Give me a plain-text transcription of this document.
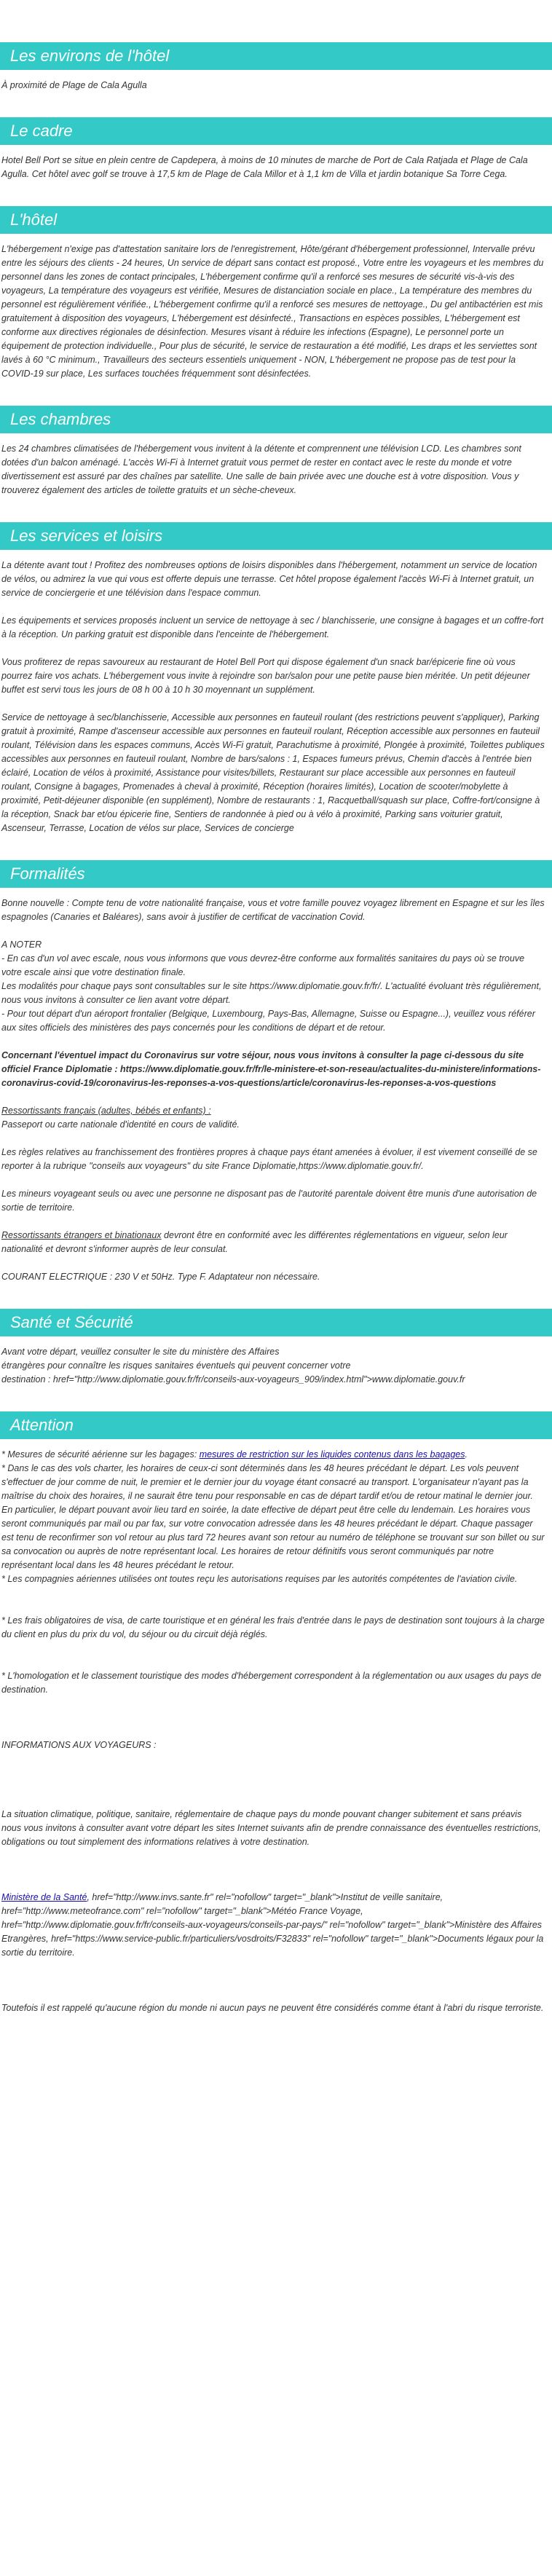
Les environs de l'hôtel

À proximité de Plage de Cala Agulla

Le cadre

Hotel Bell Port se situe en plein centre de Capdepera, à moins de 10 minutes de marche de Port de Cala Ratjada et Plage de Cala Agulla. Cet hôtel avec golf se trouve à 17,5 km de Plage de Cala Millor et à 1,1 km de Villa et jardin botanique Sa Torre Cega.

L'hôtel

L'hébergement n'exige pas d'attestation sanitaire lors de l'enregistrement, Hôte/gérant d'hébergement professionnel, Intervalle prévu entre les séjours des clients - 24 heures, Un service de départ sans contact est proposé., Votre entre les voyageurs et les membres du personnel dans les zones de contact principales, L'hébergement confirme qu'il a renforcé ses mesures de sécurité vis-à-vis des voyageurs, La température des voyageurs est vérifiée, Mesures de distanciation sociale en place., La température des membres du personnel est régulièrement vérifiée., L'hébergement confirme qu'il a renforcé ses mesures de nettoyage., Du gel antibactérien est mis gratuitement à disposition des voyageurs, L'hébergement est désinfecté., Transactions en espèces possibles, L'hébergement est conforme aux directives régionales de désinfection. Mesures visant à réduire les infections (Espagne), Le personnel porte un équipement de protection individuelle., Pour plus de sécurité, le service de restauration a été modifié, Les draps et les serviettes sont lavés à 60 °C minimum., Travailleurs des secteurs essentiels uniquement - NON, L'hébergement ne propose pas de test pour la COVID-19 sur place, Les surfaces touchées fréquemment sont désinfectées.

Les chambres

Les 24 chambres climatisées de l'hébergement vous invitent à la détente et comprennent une télévision LCD. Les chambres sont dotées d'un balcon aménagé. L'accès Wi-Fi à Internet gratuit vous permet de rester en contact avec le reste du monde et votre divertissement est assuré par des chaînes par satellite. Une salle de bain privée avec une douche est à votre disposition. Vous y trouverez également des articles de toilette gratuits et un sèche-cheveux.

Les services et loisirs

La détente avant tout ! Profitez des nombreuses options de loisirs disponibles dans l'hébergement, notamment un service de location de vélos, ou admirez la vue qui vous est offerte depuis une terrasse. Cet hôtel propose également l'accès Wi-Fi à Internet gratuit, un service de conciergerie et une télévision dans l'espace commun.

Les équipements et services proposés incluent un service de nettoyage à sec / blanchisserie, une consigne à bagages et un coffre-fort à la réception. Un parking gratuit est disponible dans l'enceinte de l'hébergement.

Vous profiterez de repas savoureux au restaurant de Hotel Bell Port qui dispose également d'un snack bar/épicerie fine où vous pourrez faire vos achats. L'hébergement vous invite à rejoindre son bar/salon pour une petite pause bien méritée. Un petit déjeuner buffet est servi tous les jours de 08 h 00 à 10 h 30 moyennant un supplément.

Service de nettoyage à sec/blanchisserie, Accessible aux personnes en fauteuil roulant (des restrictions peuvent s'appliquer), Parking gratuit à proximité, Rampe d'ascenseur accessible aux personnes en fauteuil roulant, Réception accessible aux personnes en fauteuil roulant, Télévision dans les espaces communs, Accès Wi-Fi gratuit, Parachutisme à proximité, Plongée à proximité, Toilettes publiques accessibles aux personnes en fauteuil roulant, Nombre de bars/salons : 1, Espaces fumeurs prévus, Chemin d'accès à l'entrée bien éclairé, Location de vélos à proximité, Assistance pour visites/billets, Restaurant sur place accessible aux personnes en fauteuil roulant, Consigne à bagages, Promenades à cheval à proximité, Réception (horaires limités), Location de scooter/mobylette à proximité, Petit-déjeuner disponible (en supplément), Nombre de restaurants : 1, Racquetball/squash sur place, Coffre-fort/consigne à la réception, Snack bar et/ou épicerie fine, Sentiers de randonnée à pied ou à vélo à proximité, Parking sans voiturier gratuit, Ascenseur, Terrasse, Location de vélos sur place, Services de concierge

Formalités

Bonne nouvelle : Compte tenu de votre nationalité française, vous et votre famille pouvez voyagez librement en Espagne et sur les îles espagnoles (Canaries et Baléares), sans avoir à justifier de certificat de vaccination Covid.

A NOTER
- En cas d'un vol avec escale, nous vous informons que vous devrez-être conforme aux formalités sanitaires du pays où se trouve votre escale ainsi que votre destination finale.
Les modalités pour chaque pays sont consultables sur le site https://www.diplomatie.gouv.fr/fr/. L'actualité évoluant très régulièrement, nous vous invitons à consulter ce lien avant votre départ.
- Pour tout départ d'un aéroport frontalier (Belgique, Luxembourg, Pays-Bas, Allemagne, Suisse ou Espagne...), veuillez vous référer aux sites officiels des ministères des pays concernés pour les conditions de départ et de retour.

Concernant l'éventuel impact du Coronavirus sur votre séjour, nous vous invitons à consulter la page ci-dessous du site officiel France Diplomatie : https://www.diplomatie.gouv.fr/fr/le-ministere-et-son-reseau/actualites-du-ministere/informations-coronavirus-covid-19/coronavirus-les-reponses-a-vos-questions/article/coronavirus-les-reponses-a-vos-questions

Ressortissants français (adultes, bébés et enfants) :
Passeport ou carte nationale d'identité en cours de validité.

Les règles relatives au franchissement des frontières propres à chaque pays étant amenées à évoluer, il est vivement conseillé de se reporter à la rubrique "conseils aux voyageurs" du site France Diplomatie,https://www.diplomatie.gouv.fr/.

Les mineurs voyageant seuls ou avec une personne ne disposant pas de l'autorité parentale doivent être munis d'une autorisation de sortie de territoire.

Ressortissants étrangers et binationaux devront être en conformité avec les différentes réglementations en vigueur, selon leur nationalité et devront s'informer auprès de leur consulat.

COURANT ELECTRIQUE : 230 V et 50Hz. Type F. Adaptateur non nécessaire.

Santé et Sécurité

Avant votre départ, veuillez consulter le site du ministère des Affaires
étrangères pour connaître les risques sanitaires éventuels qui peuvent concerner votre
destination : href="http://www.diplomatie.gouv.fr/fr/conseils-aux-voyageurs_909/index.html">www.diplomatie.gouv.fr

Attention

* Mesures de sécurité aérienne sur les bagages: mesures de restriction sur les liquides contenus dans les bagages.
* Dans le cas des vols charter, les horaires de ceux-ci sont déterminés dans les 48 heures précédant le départ. Les vols peuvent s'effectuer de jour comme de nuit, le premier et le dernier jour du voyage étant consacré au transport. L'organisateur n'ayant pas la maîtrise du choix des horaires, il ne saurait être tenu pour responsable en cas de départ tardif et/ou de retour matinal le dernier jour. En particulier, le départ pouvant avoir lieu tard en soirée, la date effective de départ peut être celle du lendemain. Les horaires vous seront communiqués par mail ou par fax, sur votre convocation adressée dans les 48 heures précédant le départ. Chaque passager est tenu de reconfirmer son vol retour au plus tard 72 heures avant son retour au numéro de téléphone se trouvant sur son billet ou sur sa convocation ou auprès de notre représentant local. Les horaires de retour définitifs vous seront communiqués par notre représentant local dans les 48 heures précédant le retour.
* Les compagnies aériennes utilisées ont toutes reçu les autorisations requises par les autorités compétentes de l'aviation civile.

* Les frais obligatoires de visa, de carte touristique et en général les frais d'entrée dans le pays de destination sont toujours à la charge du client en plus du prix du vol, du séjour ou du circuit déjà réglés.

* L'homologation et le classement touristique des modes d'hébergement correspondent à la réglementation ou aux usages du pays de destination.

INFORMATIONS AUX VOYAGEURS :

La situation climatique, politique, sanitaire, réglementaire de chaque pays du monde pouvant changer subitement et sans préavis
nous vous invitons à consulter avant votre départ les sites Internet suivants afin de prendre connaissance des éventuelles restrictions, obligations ou tout simplement des informations relatives à votre destination.

Ministère de la Santé, href="http://www.invs.sante.fr" rel="nofollow" target="_blank">Institut de veille sanitaire, href="http://www.meteofrance.com" rel="nofollow" target="_blank">Météo France Voyage, href="http://www.diplomatie.gouv.fr/fr/conseils-aux-voyageurs/conseils-par-pays/" rel="nofollow" target="_blank">Ministère des Affaires Etrangères, href="https://www.service-public.fr/particuliers/vosdroits/F32833" rel="nofollow" target="_blank">Documents légaux pour la sortie du territoire.

Toutefois il est rappelé qu'aucune région du monde ni aucun pays ne peuvent être considérés comme étant à l'abri du risque terroriste.
